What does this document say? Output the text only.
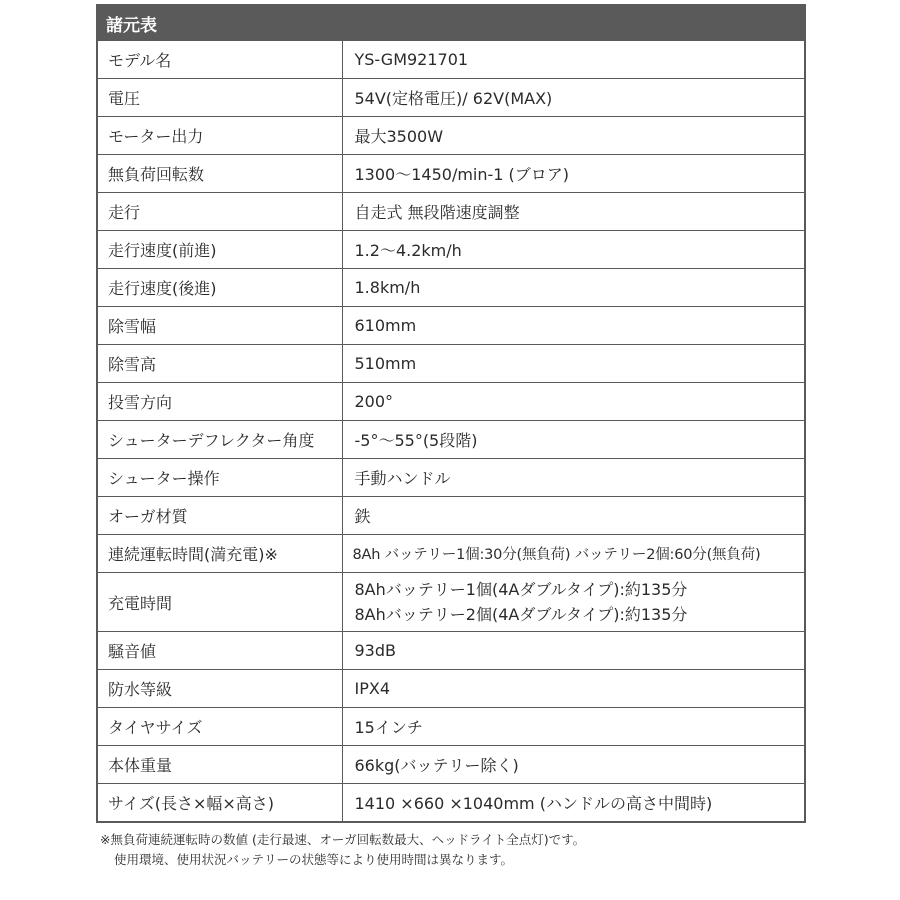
諸元表	
モデル名	YS-GM921701
電圧	54V(定格電圧)/ 62V(MAX)
モーター出力	最大3500W
無負荷回転数	1300〜1450/min-1 (ブロア)
走行	自走式 無段階速度調整
走行速度(前進)	1.2〜4.2km/h
走行速度(後進)	1.8km/h
除雪幅	610mm
除雪高	510mm
投雪方向	200°
シューターデフレクター角度	-5°〜55°(5段階)
シューター操作	手動ハンドル
オーガ材質	鉄
連続運転時間(満充電)※	8Ah バッテリー1個:30分(無負荷) バッテリー2個:60分(無負荷)
充電時間	8Ahバッテリー1個(4Aダブルタイプ):約135分
8Ahバッテリー2個(4Aダブルタイプ):約135分

騒音値	93dB
防水等級	IPX4
タイヤサイズ	15インチ
本体重量	66kg(バッテリー除く)
サイズ(長さ×幅×高さ)	1410 ×660 ×1040mm (ハンドルの高さ中間時)
※無負荷連続運転時の数値 (走行最速、オーガ回転数最大、ヘッドライト全点灯)です。
使用環境、使用状況バッテリーの状態等により使用時間は異なります。
